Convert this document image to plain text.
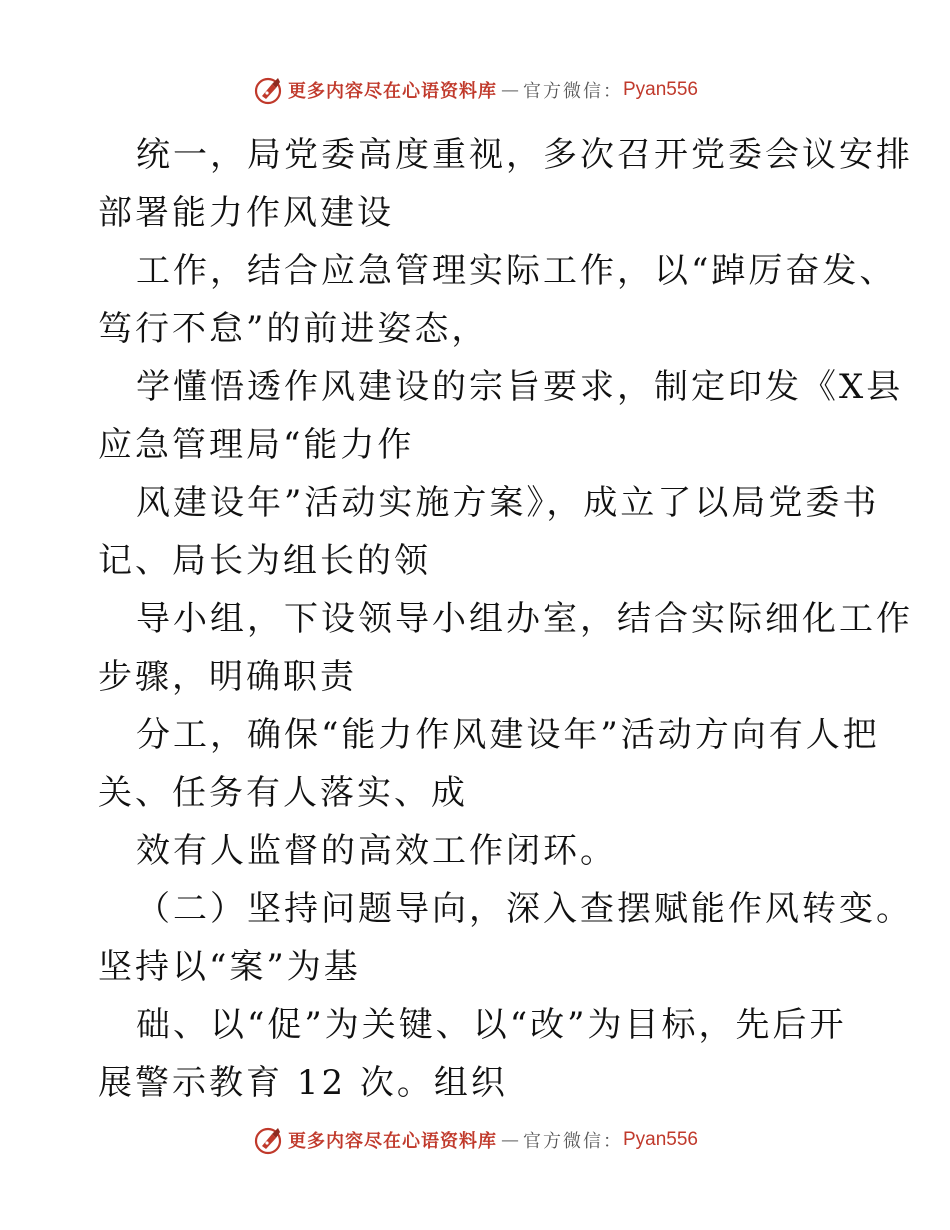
更多内容尽在心语资料库 — 官方微信： Pyan556
统一，局党委高度重视，多次召开党委会议安排
部署能力作风建设
工作，结合应急管理实际工作，以“踔厉奋发、
笃行不怠”的前进姿态，
学懂悟透作风建设的宗旨要求，制定印发《X县
应急管理局“能力作
风建设年”活动实施方案》，成立了以局党委书
记、局长为组长的领
导小组，下设领导小组办室，结合实际细化工作
步骤，明确职责
分工，确保“能力作风建设年”活动方向有人把
关、任务有人落实、成
效有人监督的高效工作闭环。
（二）坚持问题导向，深入查摆赋能作风转变。
坚持以“案”为基
础、以“促”为关键、以“改”为目标，先后开
展警示教育 12 次。组织
更多内容尽在心语资料库 — 官方微信： Pyan556
